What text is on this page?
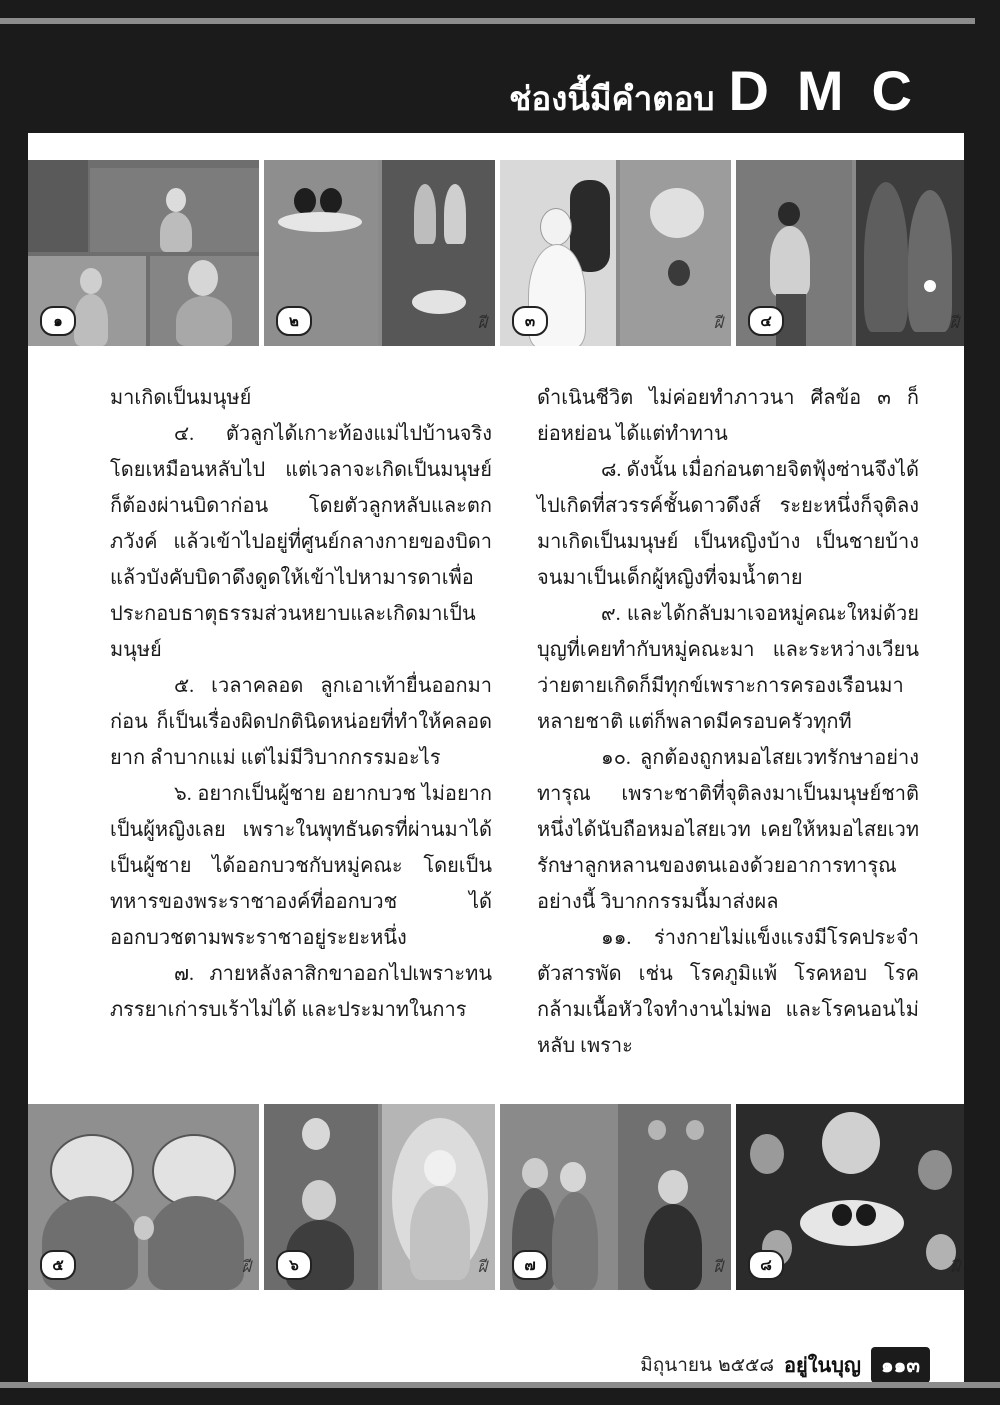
ช่องนี้มีคำตอบ DMC
๑	๒	ฝี	๓	ฝี	๔	ฝี

มาเกิดเป็นมนุษย์

๔. ตัวลูกได้เกาะท้องแม่ไปบ้านจริง โดยเหมือนหลับไป แต่เวลาจะเกิดเป็นมนุษย์ ก็ต้องผ่านบิดาก่อน โดยตัวลูกหลับและตกภวังค์ แล้วเข้าไปอยู่ที่ศูนย์กลางกายของบิดา แล้วบังคับบิดาดึงดูดให้เข้าไปหามารดาเพื่อประกอบธาตุธรรมส่วนหยาบและเกิดมาเป็นมนุษย์

๕. เวลาคลอด ลูกเอาเท้ายื่นออกมาก่อน ก็เป็นเรื่องผิดปกตินิดหน่อยที่ทำให้คลอดยาก ลำบากแม่ แต่ไม่มีวิบากกรรมอะไร

๖. อยากเป็นผู้ชาย อยากบวช ไม่อยากเป็นผู้หญิงเลย เพราะในพุทธันดรที่ผ่านมาได้เป็นผู้ชาย ได้ออกบวชกับหมู่คณะ โดยเป็นทหารของพระราชาองค์ที่ออกบวช ได้ออกบวชตามพระราชาอยู่ระยะหนึ่ง

๗. ภายหลังลาสิกขาออกไปเพราะทนภรรยาเก่ารบเร้าไม่ได้ และประมาทในการ

ดำเนินชีวิต ไม่ค่อยทำภาวนา ศีลข้อ ๓ ก็ย่อหย่อน ได้แต่ทำทาน

๘. ดังนั้น เมื่อก่อนตายจิตฟุ้งซ่านจึงได้ไปเกิดที่สวรรค์ชั้นดาวดึงส์ ระยะหนึ่งก็จุติลงมาเกิดเป็นมนุษย์ เป็นหญิงบ้าง เป็นชายบ้าง จนมาเป็นเด็กผู้หญิงที่จมน้ำตาย

๙. และได้กลับมาเจอหมู่คณะใหม่ด้วยบุญที่เคยทำกับหมู่คณะมา และระหว่างเวียนว่ายตายเกิดก็มีทุกข์เพราะการครองเรือนมาหลายชาติ แต่ก็พลาดมีครอบครัวทุกที

๑๐. ลูกต้องถูกหมอไสยเวทรักษาอย่างทารุณ เพราะชาติที่จุติลงมาเป็นมนุษย์ชาติหนึ่งได้นับถือหมอไสยเวท เคยให้หมอไสยเวทรักษาลูกหลานของตนเองด้วยอาการทารุณอย่างนี้ วิบากกรรมนี้มาส่งผล

๑๑. ร่างกายไม่แข็งแรงมีโรคประจำตัวสารพัด เช่น โรคภูมิแพ้ โรคหอบ โรคกล้ามเนื้อหัวใจทำงานไม่พอ และโรคนอนไม่หลับ เพราะ

๕	ฝี	๖	ฝี	๗	ฝี	๘	ฝี
มิถุนายน ๒๕๕๘ อยู่ในบุญ	๑๑๓
